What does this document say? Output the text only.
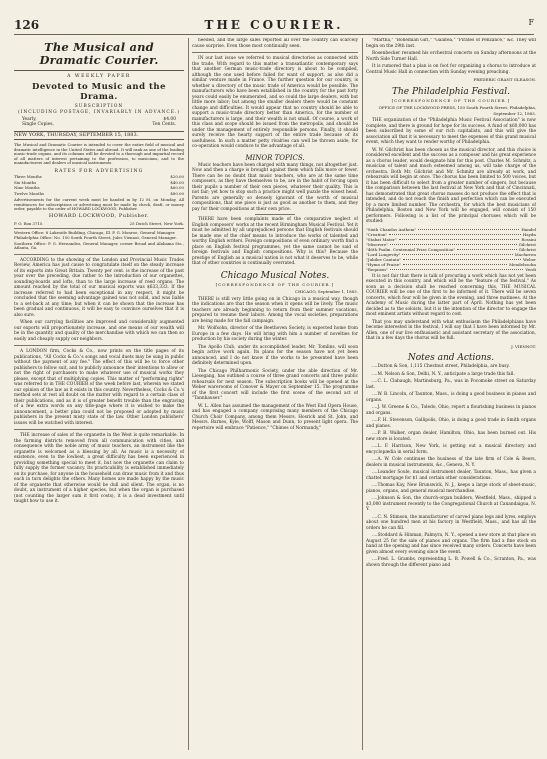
126	THE COURIER.	F
The Musical and Dramatic Courier.
A WEEKLY PAPER
Devoted to Music and the Drama.
SUBSCRIPTION
(INCLUDING POSTAGE, INVARIABLY IN ADVANCE.)
Yearly,	$4.00
Single Copies,	Ten Cents.
NEW YORK, THURSDAY, SEPTEMBER 15, 1883.
The Musical and Dramatic Courier is intended to cover the entire field of musical and dramatic intelligence in the United States and abroad. It will rank as one of the leading music-trade organs, and its columns will be devoted to a thorough and impartial record of all matters of interest pertaining to the profession, to musicians, and to the manufacturers and dealers of musical instruments.
RATES FOR ADVERTISING
Three Months	$20.00
Six Months	$40.00
Nine Months	$60.00
Twelve Months	$80.00
Advertisements for the current week must be handed in by 12 M. on Monday. All remittances for subscriptions or advertising must be made by check, draft, or money order, payable to the order of HOWARD LOCKWOOD, Publisher.
HOWARD LOCKWOOD, Publisher.
P. O. Box 3715.	25 Dutch Street, New York.
Western Office: 8 Lakeside Building, Chicago, Ill. P. G. Monroe, General Manager.
Philadelphia Office: No. 150 South Fourth Street, Jules Viennot, General Manager.
Southern Office: P. G. Hernandez, General Manager, corner Broad and Alabama Sts., Atlanta, Ga.

ACCORDING to the showing of the London and Provincial Music Trades Review, America has just cause to congratulate itself on the steady increase of its exports into Great Britain. Twenty per cent. is the increase of the past year over the preceding, due rather to the introduction of our organettes, sounding-boards and lofts, than to the large increase of reed organs. The amount reached by the total of our musical exports was $633,333. If the increase referred to had been exceptional in any respect, it might be concluded that the seeming advantage gained was not solid, and was liable to a set-back at any time; but when it can be shown that the increase has been gradual and continuous, it will be easy to convince ourselves that it is also sure.

When our carrying facilities are improved and considerably augmented our exports will proportionately increase, and one means of our wealth will be in the quantity and quality of the merchandise with which we can then so easily and cheaply supply our neighbors.

A LONDON firm, Cocks & Co., now prints on the title pages of its publications, "All Cocks & Co.'s songs and vocal duets may be sung in public without the payment of any fee." The effect of this will be to force other publishers to follow suit, and to publicly announce their intentions to allow or not the right of purchasers to make whatever use of musical works they please, except that of multiplying copies. This matter of "performing rights" was referred to in THE COURIER of the week before last, wherein we stated our opinion of the law as it exists in this country. Nevertheless, Cocks & Co.'s method sets at rest all doubt on the matter with regard to a certain class of their publications, and as it is of greater benefit trouble than the engraving of a few extra words on any title-page where it is wished to make the announcement, a better plan could not be proposed or adopted by music publishers in the present misty state of the law. Other London publishers' issues will be watched with interest.

THE increase of sales of the organette in the West is quite remarkable. In the farming districts removed from all communication with cities, and consequence with the noble army of music teachers, an instrument like the organette is welcomed as a blessing by all. As music is a necessity of existence, even to the lowliest, a great difficulty has been experienced in providing something special to meet it, but now the organette can claim to fully supply the former vacancy. Its practicability is established immediately on its purchase, for anyone in the household can draw music from it and thus each in turn delights the others. Many homes are made happy by the music of the organette that otherwise would be dull and silent. The organ, is no doubt, an instrument of a higher species, but when the organ is purchased (not counting the larger sum it first costs), it is a dead investment until taught how to use it.

needed, and the large sales reported all over the country can scarcely cause surprise. Even those most continually seen.

IN our last issue we referred to musical directories as connected with the trade. With regard to this matter a transatlantic contemporary says that another German music-trade directory is about to be compiled, although the one used before failed for want of support, as also did a similar venture made in France. The further question for our country, is whether a directory of the music trade of America would be possible. The manufacturers who have been established in the country for the past forty years could easily be enumerated, and so could the large dealers, with but little more labor; but among the smaller dealers there would be constant change and difficulties. It would appear that no country should be able to support a music-trade directory better than America, for the number of manufacturers is large, and their wealth is not small. Of course, a work of this class and scope should be issued from the metropolis, and should be under the management of entirely responsible persons. Finally, it should surely receive the hearty support of the entire trade because of its usefulness. In such a matter petty rivalries can well be thrown aside, for co-operation would conduce to the advantage of all.

MINOR TOPICS.

Music teachers have been charged with many things, not altogether just. Now and then a charge is brought against them which falls more or fewer. There can be no doubt that music teachers, who are at the same time composers, as they have themselves to be, are in the habit of forcing upon their pupils a number of their own pieces, whatever their quality. This is not fair; yet how to stop such a practice might well puzzle the wisest head. Parents are generally so densely ignorant of the worth of musical compositions, that one piece is just as good as another to them, and they pay for their compositions at their own price.

THERE have been complaints made of the comparative neglect of English composers' works at the recent Birmingham Musical Festival. Yet it must be admitted by all unprejudiced persons that English festivals should be made one of the chief means to introduce the works of talented and worthy English writers. Foreign compositions of even ordinary worth find a place on English festival programmes, yet the same cannot be said of foreign festivals and English compositions. Why is this? Because the prestige of English as a musical nation is not what it deserves to be, while that of other countries is continually overrated.

Chicago Musical Notes.
[CORRESPONDENCE OF THE COURIER.]
CHICAGO, September 1, 1883.

THERE is still very little going on in Chicago in a musical way, though the indications are that the season when it opens will be lively. The music teachers are already beginning to return from their summer vacations, prepared to resume their labors. Among the vocal societies, preparations are being made for the fall campaign.

Mr. Wolfsohn, director of the Beethoven Society, is expected home from Europe in a few days. He will bring with him a number of novelties for production by his society during the winter.

The Apollo Club, under its accomplished leader, Mr. Tomlins, will soon begin active work again. Its plans for the season have not yet been announced, and I do not know if the works to be presented have been definitely determined upon.

The Chicago Philharmonic Society, under the able direction of Mr. Liesegang, has outlined a course of three grand concerts and three public rehearsals for next season. The subscription books will be opened at the Weber warerooms of Conover & Mayer on September 15. The programme of the first concert will include the first scene of the second act of "Tannhauser."

W. L. Allen has assumed the management of the West End Opera House, and has engaged a company comprising many members of the Chicago Church Choir Company, among them Messrs. Hosrick and St. John, and Messrs. Barnes, Kyle, Wolff, Mason and Dunn, to present light opera. The repertoire will embrace "Patience," "Chimes of Normandy,"

"Martha," "Bohemian Girl," "Galatea," "Pirates of Penzance," &c. They will begin on the 29th inst.

Rosenbecker resumed his orchestral concerts on Sunday afternoons at the North Side Turner Hall.

It is rumored that a plan is on foot for organizing a chorus to introduce at Central Music Hall in connection with Sunday evening preaching.

FREDERIC GRANT GLEASON.
The Philadelphia Festival.
[CORRESPONDENCE OF THE COURIER.]
OFFICE OF THE LOCKWOOD PRESS, 150 South Fourth Street, Philadelphia, September 12, 1883.

THE organization of the "Philadelphia Music Festival Association" is now complete, and there is ground for hope for its success. A fund of $60,000 has been subscribed by some of our rich capitalists, and this will give the association all that it is necessary to meet the expenses of this grand musical event, which they want to render worthy of Philadelphia.

W. W. Gilchrist has been chosen as the musical director, and this choice is considered excellent and the success as a composer and his great experience as a chorus leader, would designate him for this post. Charles M. Schmitz, a musician of talent and much esteemed among us, will take charge of the orchestra. Both Mr. Gilchrist and Mr. Schmitz are already at work, and rehearsals will begin at once. The chorus has been limited to 500 voices, but it has been difficult to select from a greater number of singers, but because the comparison between the last festival at New York and that of Cincinnati, has demonstrated that great chorus masses do not produce the effect that is intended, and do not reach the finish and perfection which can be executed by a more limited number. The orchestra, for which the best musicians of Philadelphia, Boston and New York will be engaged, will consist of 150 performers. Following is a list of the principal choruses which will be studied:

"Sixth Chandos Anthem"	Handel
"Creation"	Haydn
"Stabat Mater"	Rossini
"Miserere"	Gilchrist
"46th Psalm. Centennial Prize Composition"	Gilchrist
"Lord Longevity"	Macfarren
"Jubilee Cantata"	Weber
"Hymn of Praise"	Mendelssohn
"Requiem"	Verdi

It is not fair that there is talk of procuring a work which has not yet been executed in this country, and which will be the "feature of the festival." As soon as a decision shall be reached concerning this, THE MUSICAL COURIER will be one of the first to be informed of it. There will be seven concerts, which four will be given in the evening, and three matinees. At the Academy of Music during the latter part of April. Nothing has yet been decided as to the soloists, but it is the intention of the director to engage the most eminent artists without regard to cost.

That you may understand with what enthusiasm the Philadelphians have become interested in the festival, I will say that I have been informed by Mr. Allen, one of our live enthusiastic and assistant secretary of the association, that in a few days the chorus will be full.

J. VIENNOT.
Notes and Actions.

....Dutton & Son, 1,115 Chestnut street, Philadelphia, are busy.

....M. Nelson & Son, Delhi, N. Y., anticipate a large trade this fall.

....C. L. Clabaugh, Martinsburg, Pa., was in Pocomoke street on Saturday last.

....W. B. Lincoln, of Taunton, Mass., is doing a good business in pianos and organs.

....J. W. Greene & Co., Toledo, Ohio, report a flourishing business in pianos and organs.

....F. H. Stevenson, Gallipolis, Ohio, is doing a good trade in Smith organs and pianos.

....P. B. Walker, organ dealer, Hamilton, Ohio, has been burned out. His new store is located.

....L. F. Harrison, New York, is getting out a musical directory and encyclopædia in serial form.

....A. W. Cole continues the business of the late firm of Cole & Beers, dealers in musical instruments, &c., Geneva, N. Y.

....Leander Soule, musical instrument dealer, Taunton, Mass., has given a chattel mortgage for $1 and certain other considerations.

....Thomas Kay, New Brunswick, N. J., keeps a large stock of sheet-music, pianos, organs, and general musical merchandise.

....Johnson & Son, the church-organ builders, Westfield, Mass., shipped a $3,000 instrument recently to the Congregational Church at Canandaigua, N. Y.

....C. N. Stimson, the manufacturer of carved piano legs and lyres, employs about one hundred men at his factory in Westfield, Mass., and has all the orders he can fill.

....Stoddard & Hinman, Palmyra, N. Y., opened a new store at that place on August 25 for the sale of pianos and organs. The firm had a fine stock on hand at the opening and has since received many orders. Concerts have been given almost every evening since the event.

....Fred. L. Grambs, representing L. B. Powell & Co., Scranton, Pa., was shown through the different piano and
